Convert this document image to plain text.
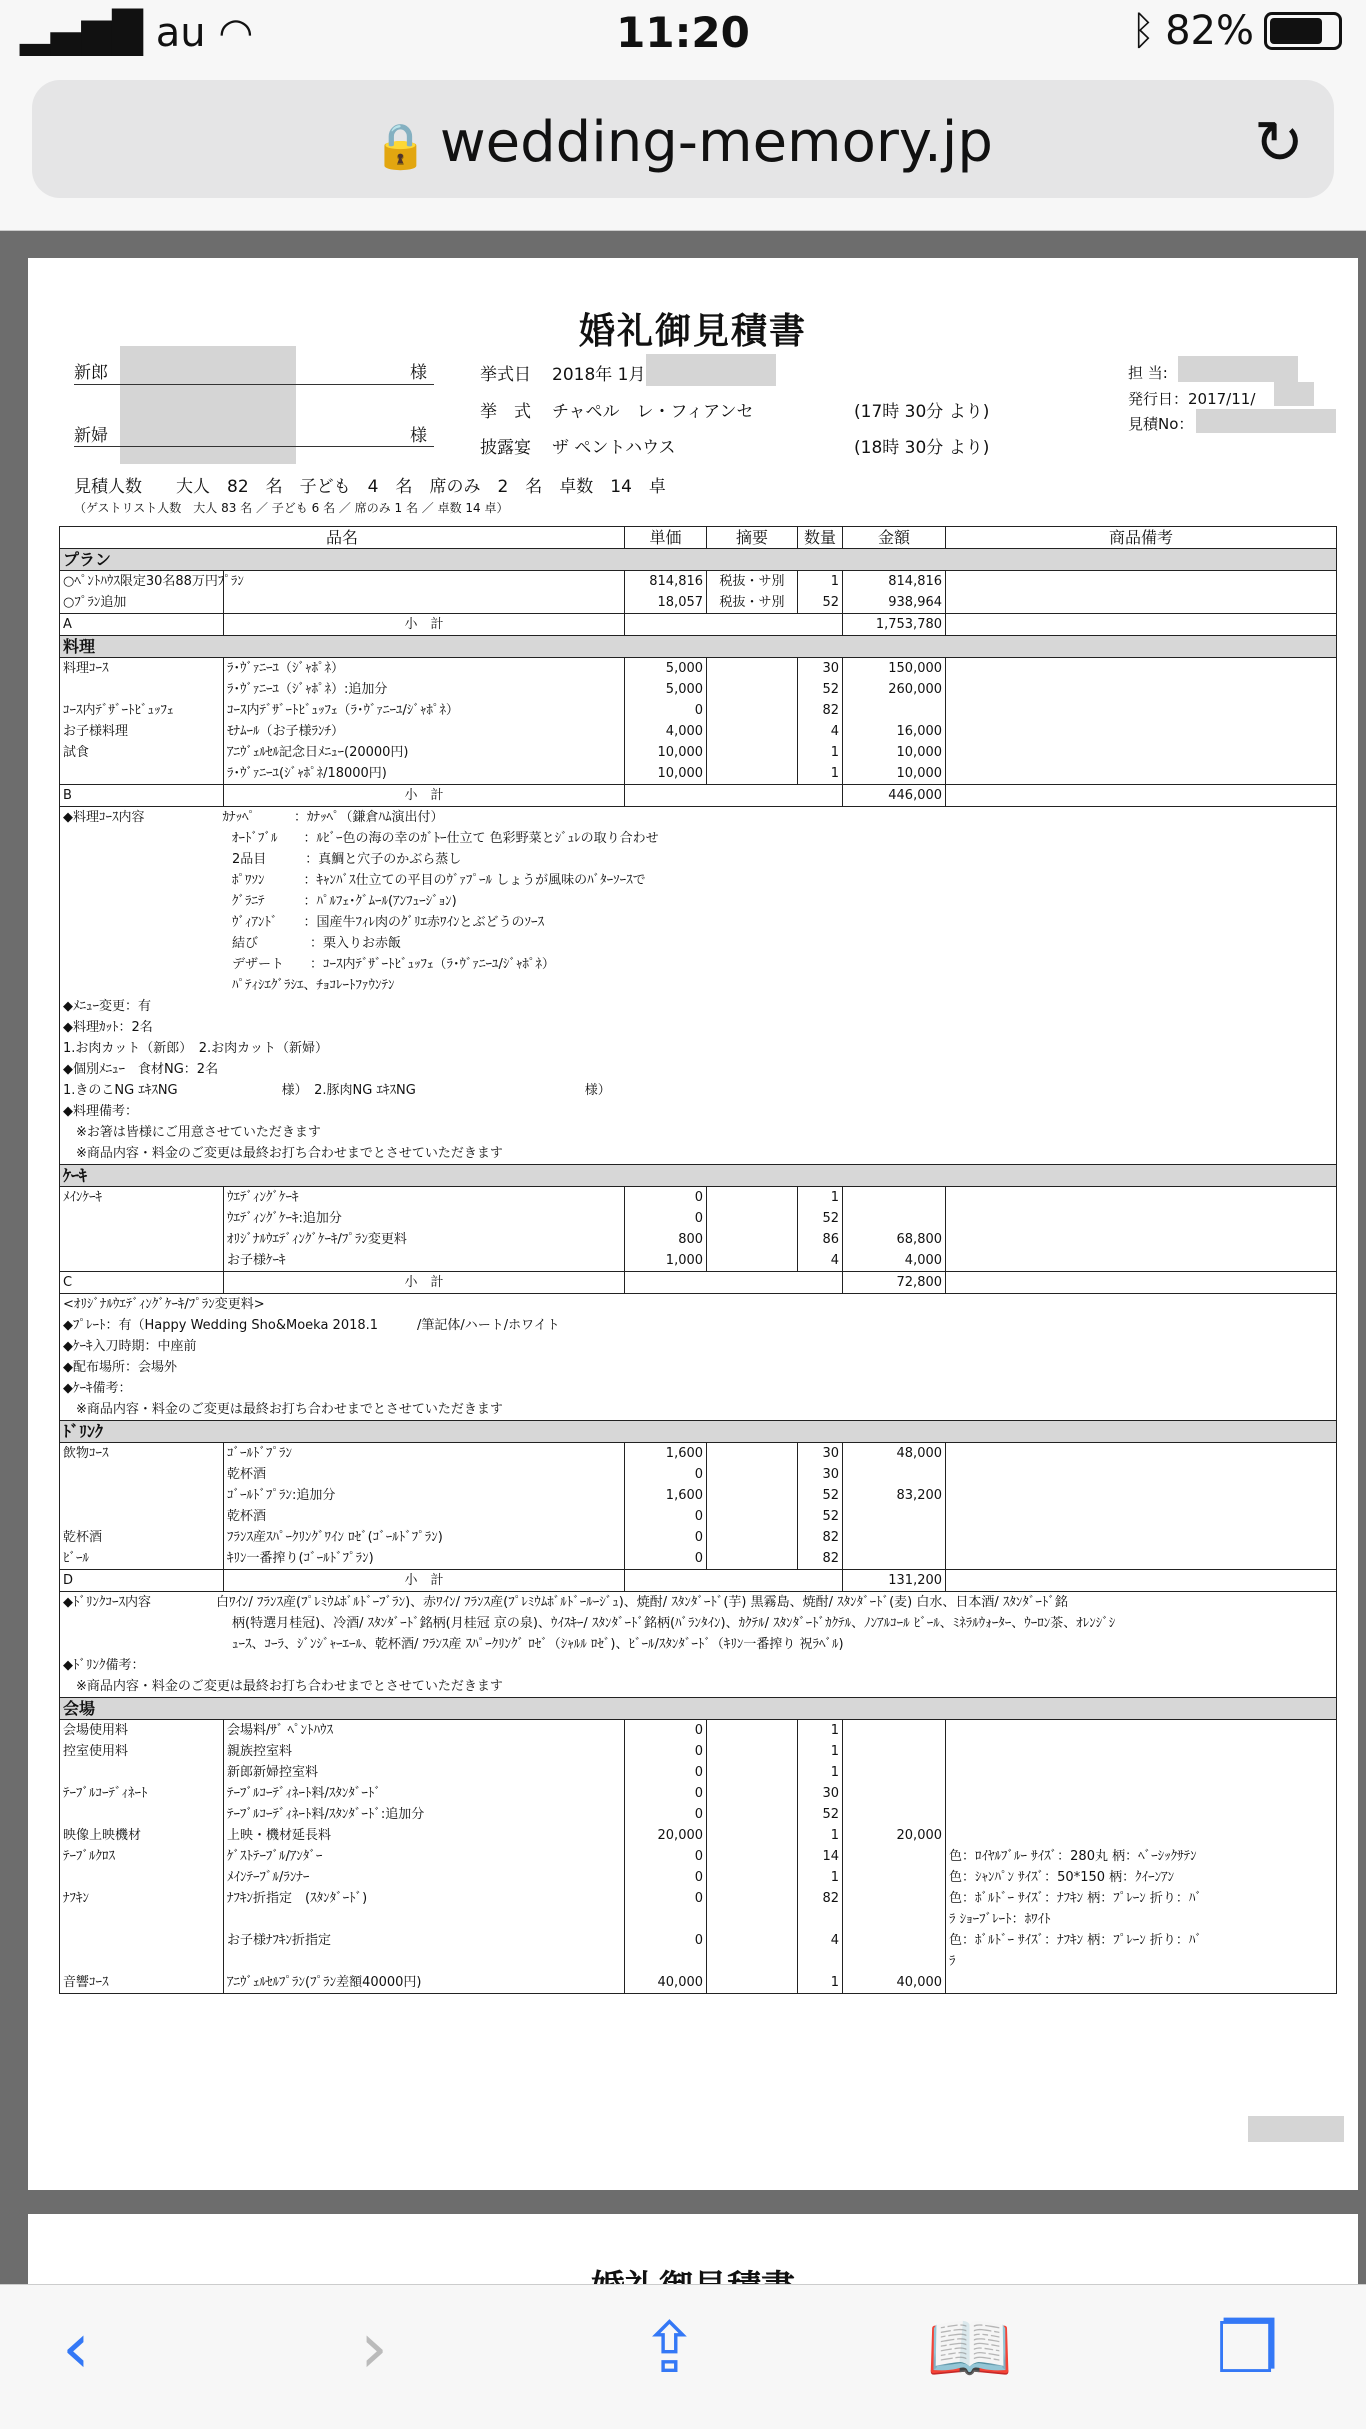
▂▄▆█ au ◠	11:20	ᛒ 82%
🔒 wedding-memory.jp	↻
婚礼御見積書
新郎	様
新婦	様
挙式日 2018年 1月
挙　式 チャペル　レ・フィアンセ	(17時 30分 より)
披露宴 ザ ペントハウス	(18時 30分 より)
担 当:
発行日：2017/11/
見積No：
見積人数　　大人　82　名　子ども　4　名　席のみ　2　名　卓数　14　卓
（ゲストリスト人数　大人 83 名 ／ 子ども 6 名 ／ 席のみ 1 名 ／ 卓数 14 卓）
品名		単価	摘要	数量	金額	商品備考
プラン						
○ﾍﾟﾝﾄﾊｳｽ限定30名88万円ﾌﾟﾗﾝ		814,816	税抜・サ別	1	814,816	
○ﾌﾟﾗﾝ追加		18,057	税抜・サ別	52	938,964	
A	小　計				1,753,780	
料理						
料理ｺｰｽ	ﾗ･ｳﾞｧﾆｰﾕ（ｼﾞｬﾎﾟﾈ）	5,000		30	150,000	
	ﾗ･ｳﾞｧﾆｰﾕ（ｼﾞｬﾎﾟﾈ）:追加分	5,000		52	260,000	
ｺｰｽ内ﾃﾞｻﾞｰﾄﾋﾞｭｯﾌｪ	ｺｰｽ内ﾃﾞｻﾞｰﾄﾋﾞｭｯﾌｪ（ﾗ･ｳﾞｧﾆｰﾕ/ｼﾞｬﾎﾟﾈ）	0		82		
お子様料理	ﾓﾅﾑｰﾙ（お子様ﾗﾝﾁ）	4,000		4	16,000	
試食	ｱﾆｳﾞｪﾙｾﾙ記念日ﾒﾆｭｰ(20000円)	10,000		1	10,000	
	ﾗ･ｳﾞｧﾆｰﾕ(ｼﾞｬﾎﾟﾈ/18000円)	10,000		1	10,000	
B	小　計				446,000	
◆料理ｺｰｽ内容　　　　　　ｶﾅｯﾍﾟ　　　：ｶﾅｯﾍﾟ（鎌倉ﾊﾑ演出付）						
　　　　　　　　　　　　　ｵｰﾄﾞﾌﾞﾙ　　：ﾙﾋﾞｰ色の海の幸のｶﾞﾄｰ仕立て 色彩野菜とｼﾞｭﾚの取り合わせ						
　　　　　　　　　　　　　2品目　　　：真鯛と穴子のかぶら蒸し						
　　　　　　　　　　　　　ﾎﾟﾜｿﾝ　　　：ｷｬﾝﾊﾞｽ仕立ての平目のｳﾞｧﾌﾟｰﾙ しょうが風味のﾊﾞﾀｰｿｰｽで						
　　　　　　　　　　　　　ｸﾞﾗﾆﾃ　　　：ﾊﾟﾙﾌｪ･ｸﾞﾑｰﾙ(ｱﾝﾌｭｰｼﾞｮﾝ)						
　　　　　　　　　　　　　ｳﾞｨｱﾝﾄﾞ　　：国産牛ﾌｨﾚ肉のｸﾞﾘｴ赤ﾜｲﾝとぶどうのｿｰｽ						
　　　　　　　　　　　　　結び　　　　：栗入りお赤飯						
　　　　　　　　　　　　　デザート　　：ｺｰｽ内ﾃﾞｻﾞｰﾄﾋﾞｭｯﾌｪ（ﾗ･ｳﾞｧﾆｰﾕ/ｼﾞｬﾎﾟﾈ）						
　　　　　　　　　　　　　ﾊﾟﾃｨｼｴｸﾞﾗｼｴ、ﾁｮｺﾚｰﾄﾌｧｳﾝﾃﾝ						
◆ﾒﾆｭｰ変更：有						
◆料理ｶｯﾄ：2名						
1.お肉カット（新郎）　2.お肉カット（新婦）						
◆個別ﾒﾆｭｰ　食材NG：2名						
1.きのこNG ｴｷｽNG　　　　　　　　様）　2.豚肉NG ｴｷｽNG　　　　　　　　　　　　　様）						
◆料理備考：						
　※お箸は皆様にご用意させていただきます						
　※商品内容・料金のご変更は最終お打ち合わせまでとさせていただきます						
ｹｰｷ						
ﾒｲﾝｹｰｷ	ｳｴﾃﾞｨﾝｸﾞｹｰｷ	0		1		
	ｳｴﾃﾞｨﾝｸﾞｹｰｷ:追加分	0		52		
	ｵﾘｼﾞﾅﾙｳｴﾃﾞｨﾝｸﾞｹｰｷ/ﾌﾟﾗﾝ変更料	800		86	68,800	
	お子様ｹｰｷ	1,000		4	4,000	
C	小　計				72,800	
<ｵﾘｼﾞﾅﾙｳｴﾃﾞｨﾝｸﾞｹｰｷ/ﾌﾟﾗﾝ変更料>						
◆ﾌﾟﾚｰﾄ：有（Happy Wedding Sho&Moeka 2018.1　　　/筆記体/ハート/ホワイト						
◆ｹｰｷ入刀時期：中座前						
◆配布場所：会場外						
◆ｹｰｷ備考：						
　※商品内容・料金のご変更は最終お打ち合わせまでとさせていただきます						
ﾄﾞﾘﾝｸ						
飲物ｺｰｽ	ｺﾞｰﾙﾄﾞﾌﾟﾗﾝ	1,600		30	48,000	
	乾杯酒	0		30		
	ｺﾞｰﾙﾄﾞﾌﾟﾗﾝ:追加分	1,600		52	83,200	
	乾杯酒	0		52		
乾杯酒	ﾌﾗﾝｽ産ｽﾊﾟｰｸﾘﾝｸﾞﾜｲﾝ ﾛｾﾞ(ｺﾞｰﾙﾄﾞﾌﾟﾗﾝ)	0		82		
ﾋﾞｰﾙ	ｷﾘﾝ一番搾り(ｺﾞｰﾙﾄﾞﾌﾟﾗﾝ)	0		82		
D	小　計				131,200	
◆ﾄﾞﾘﾝｸｺｰｽ内容　　　　　白ﾜｲﾝ/ ﾌﾗﾝｽ産(ﾌﾟﾚﾐｳﾑﾎﾞﾙﾄﾞｰﾌﾞﾗﾝ)、赤ﾜｲﾝ/ ﾌﾗﾝｽ産(ﾌﾟﾚﾐｳﾑﾎﾞﾙﾄﾞｰﾙｰｼﾞｭ)、焼酎/ ｽﾀﾝﾀﾞｰﾄﾞ(芋) 黒霧島、焼酎/ ｽﾀﾝﾀﾞｰﾄﾞ(麦) 白水、日本酒/ ｽﾀﾝﾀﾞｰﾄﾞ銘						
　　　　　　　　　　　　　柄(特選月桂冠)、冷酒/ ｽﾀﾝﾀﾞｰﾄﾞ銘柄(月桂冠 京の泉)、ｳｲｽｷｰ/ ｽﾀﾝﾀﾞｰﾄﾞ銘柄(ﾊﾞﾗﾝﾀｲﾝ)、ｶｸﾃﾙ/ ｽﾀﾝﾀﾞｰﾄﾞｶｸﾃﾙ、ﾉﾝｱﾙｺｰﾙ ﾋﾞｰﾙ、ﾐﾈﾗﾙｳｫｰﾀｰ、ｳｰﾛﾝ茶、ｵﾚﾝｼﾞｼ						
　　　　　　　　　　　　　ｭｰｽ、ｺｰﾗ、ｼﾞﾝｼﾞｬｰｴｰﾙ、乾杯酒/ ﾌﾗﾝｽ産 ｽﾊﾟｰｸﾘﾝｸﾞ ﾛｾﾞ（ｼｬﾙﾙ ﾛｾﾞ)、ﾋﾞｰﾙ/ｽﾀﾝﾀﾞｰﾄﾞ（ｷﾘﾝ一番搾り 祝ﾗﾍﾞﾙ)						
◆ﾄﾞﾘﾝｸ備考：						
　※商品内容・料金のご変更は最終お打ち合わせまでとさせていただきます						
会場						
会場使用料	会場料/ｻﾞ ﾍﾟﾝﾄﾊｳｽ	0		1		
控室使用料	親族控室料	0		1		
	新郎新婦控室料	0		1		
ﾃｰﾌﾞﾙｺｰﾃﾞｨﾈｰﾄ	ﾃｰﾌﾞﾙｺｰﾃﾞｨﾈｰﾄ料/ｽﾀﾝﾀﾞｰﾄﾞ	0		30		
	ﾃｰﾌﾞﾙｺｰﾃﾞｨﾈｰﾄ料/ｽﾀﾝﾀﾞｰﾄﾞ:追加分	0		52		
映像上映機材	上映・機材延長料	20,000		1	20,000	
ﾃｰﾌﾞﾙｸﾛｽ	ｹﾞｽﾄﾃｰﾌﾞﾙ/ｱﾝﾀﾞｰ	0		14		色：ﾛｲﾔﾙﾌﾞﾙｰ ｻｲｽﾞ：280丸 柄：ﾍﾞｰｼｯｸｻﾃﾝ
	ﾒｲﾝﾃｰﾌﾞﾙ/ﾗﾝﾅｰ	0		1		色：ｼｬﾝﾊﾟﾝ ｻｲｽﾞ：50*150 柄：ｸｲｰﾝｱﾝ
ﾅﾌｷﾝ	ﾅﾌｷﾝ折指定　(ｽﾀﾝﾀﾞｰﾄﾞ)	0		82		色：ﾎﾞﾙﾄﾞｰ ｻｲｽﾞ：ﾅﾌｷﾝ 柄：ﾌﾟﾚｰﾝ 折り：ﾊﾞ
						ﾗ ｼｮｰﾌﾞﾚｰﾄ：ﾎﾜｲﾄ
	お子様ﾅﾌｷﾝ折指定	0		4		色：ﾎﾞﾙﾄﾞｰ ｻｲｽﾞ：ﾅﾌｷﾝ 柄：ﾌﾟﾚｰﾝ 折り：ﾊﾞ
						ﾗ
音響ｺｰｽ	ｱﾆｳﾞｪﾙｾﾙﾌﾟﾗﾝ(ﾌﾟﾗﾝ差額40000円)	40,000		1	40,000	
‹	›	⇪	📖	❐
